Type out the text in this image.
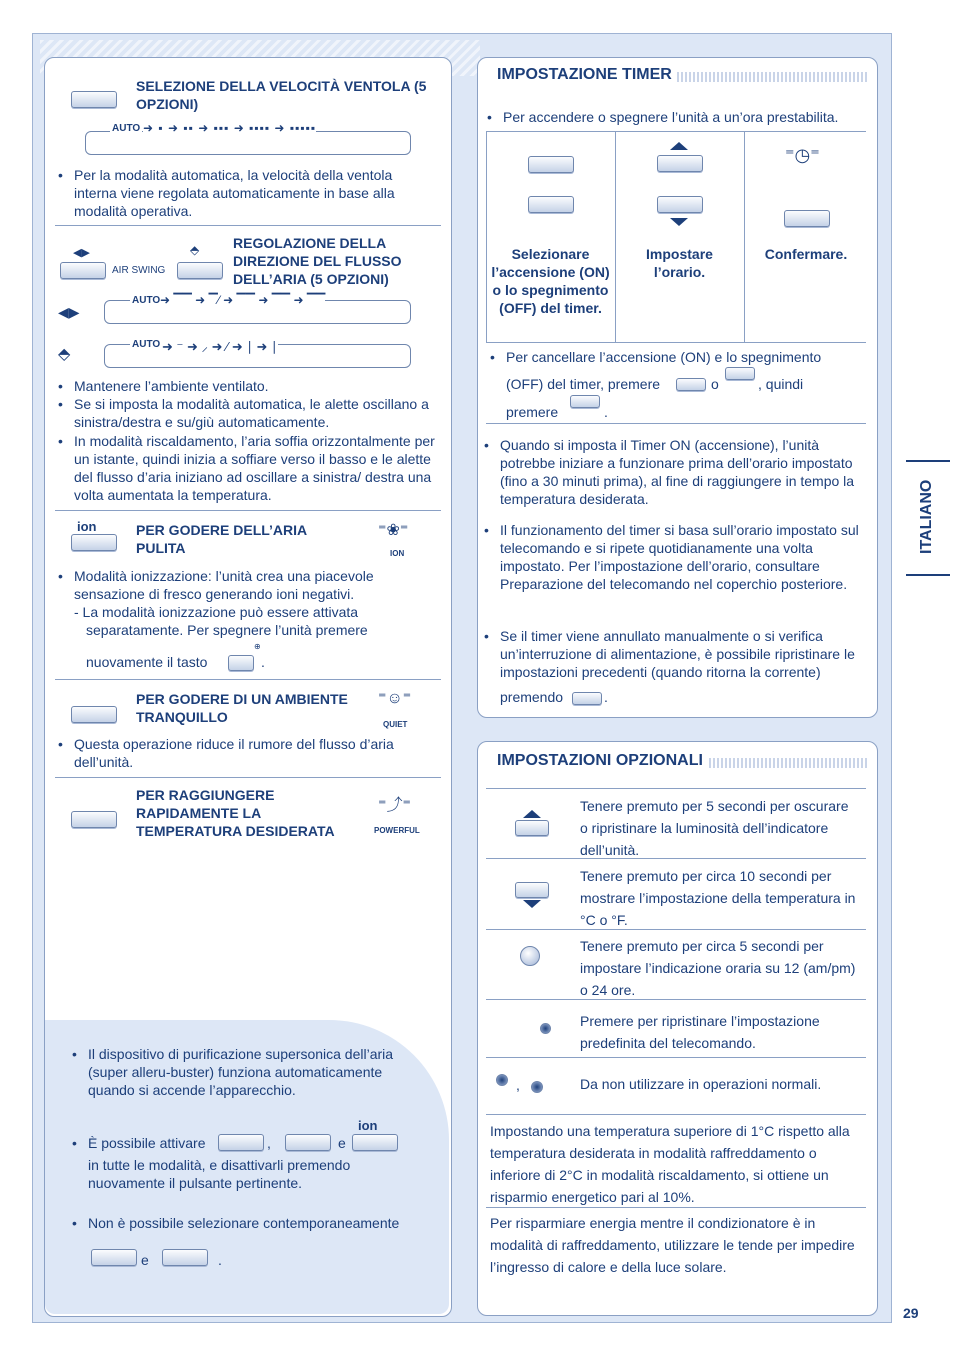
SELEZIONE DELLA VELOCITÀ VENTOLA (5 OPZIONI)
AUTO ➜ ▪ ➜ ▪▪ ➜ ▪▪▪ ➜ ▪▪▪▪ ➜ ▪▪▪▪▪
• Per la modalità automatica, la velocità della ventola interna viene regolata automaticamente in base alla modalità operativa.
◀▶
AIR SWING
⬘ REGOLAZIONE DELLA DIREZIONE DEL FLUSSO DELL’ARIA (5 OPZIONI)
◀▶
AUTO ➜ ▔▔ ➜ ▔⁄ ➜ ▔▔ ➜ ▔▔ ➜ ▔▔
⬘
AUTO ➜ ⁻ ➜ ⸝ ➜ ⁄ ➜ ∣ ➜ ∣
• Mantenere l’ambiente ventilato.
• Se si imposta la modalità automatica, le alette oscillano a sinistra/destra e su/giù automaticamente.
• In modalità riscaldamento, l’aria soffia orizzontalmente per un istante, quindi inizia a soffiare verso il basso e le alette del flusso d’aria iniziano ad oscillare a sinistra/ destra una volta aumentata la temperatura.
ion	PER GODERE DELL’ARIA PULITA
⁼❀⁼
ION
• Modalità ionizzazione: l’unità crea una piacevole sensazione di fresco generando ioni negativi.
- La modalità ionizzazione può essere attivata separatamente. Per spegnere l’unità premere
nuovamente il tasto
⊕
.
PER GODERE DI UN AMBIENTE TRANQUILLO
⁼☺⁼
QUIET
• Questa operazione riduce il rumore del flusso d’aria dell’unità.
PER RAGGIUNGERE RAPIDAMENTE LA TEMPERATURA DESIDERATA
⁼⤴⁼
POWERFUL
• Il dispositivo di purificazione supersonica dell’aria (super alleru-buster) funziona automaticamente quando si accende l’apparecchio.
• È possibile attivare	,	e
ion
in tutte le modalità, e disattivarli premendo nuovamente il pulsante pertinente.
• Non è possibile selezionare contemporaneamente
e	.
IMPOSTAZIONE TIMER
• Per accendere o spegnere l’unità a un’ora prestabilita.
Selezionare l’accensione (ON) o lo spegnimento (OFF) del timer.
Impostare l’orario.
⁼◷⁼
Confermare.
• Per cancellare l’accensione (ON) e lo spegnimento
(OFF) del timer, premere	o	, quindi
premere	.
• Quando si imposta il Timer ON (accensione), l’unità potrebbe iniziare a funzionare prima dell’orario impostato (fino a 30 minuti prima), al fine di raggiungere in tempo la temperatura desiderata.
• Il funzionamento del timer si basa sull’orario impostato sul telecomando e si ripete quotidianamente una volta impostato. Per l’impostazione dell’orario, consultare Preparazione del telecomando nel coperchio posteriore.
• Se il timer viene annullato manualmente o si verifica un’interruzione di alimentazione, è possibile ripristinare le impostazioni precedenti (quando ritorna la corrente)
premendo	.
IMPOSTAZIONI OPZIONALI
Tenere premuto per 5 secondi per oscurare o ripristinare la luminosità dell’indicatore dell’unità.
Tenere premuto per circa 10 secondi per mostrare l’impostazione della temperatura in °C o °F.
Tenere premuto per circa 5 secondi per impostare l’indicazione oraria su 12 (am/pm) o 24 ore.
Premere per ripristinare l’impostazione predefinita del telecomando.
,	Da non utilizzare in operazioni normali.
Impostando una temperatura superiore di 1°C rispetto alla temperatura desiderata in modalità raffreddamento o inferiore di 2°C in modalità riscaldamento, si ottiene un risparmio energetico pari al 10%.
Per risparmiare energia mentre il condizionatore è in modalità di raffreddamento, utilizzare le tende per impedire l’ingresso di calore e della luce solare.
ITALIANO
29
